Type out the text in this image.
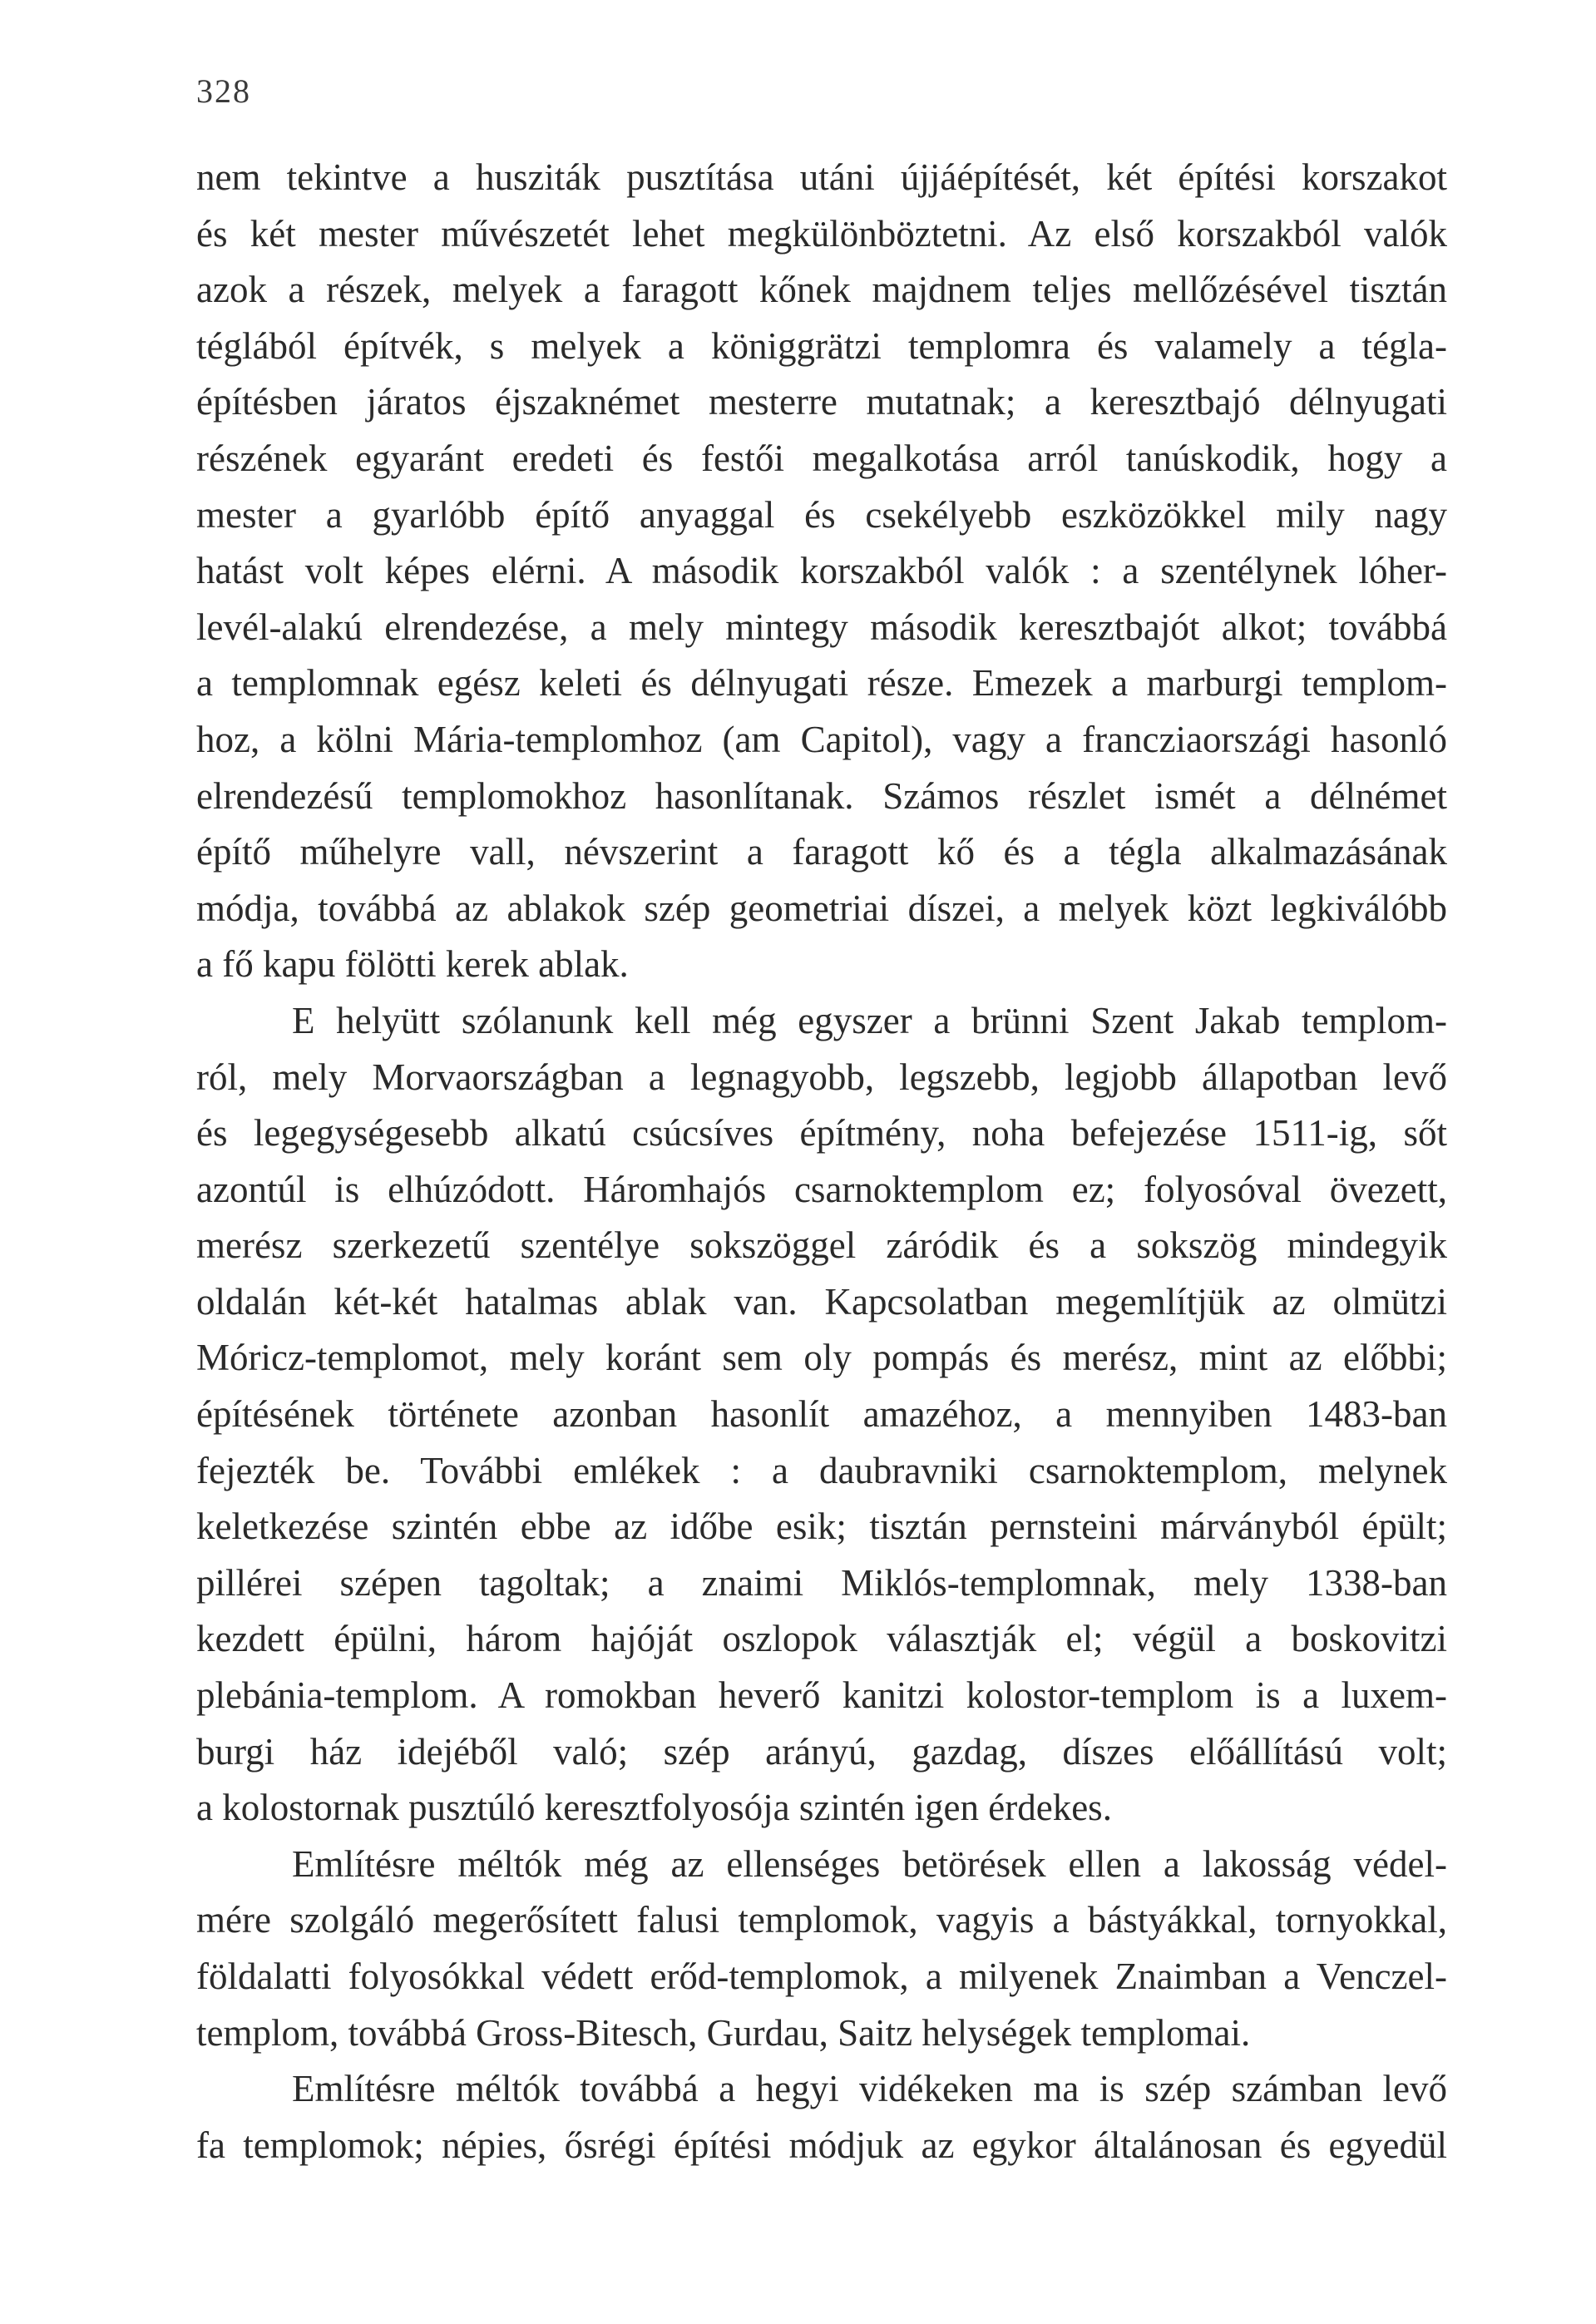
328
nem tekintve a husziták pusztítása utáni újjáépítését, két építési korszakot
és két mester művészetét lehet megkülönböztetni. Az első korszakból valók
azok a részek, melyek a faragott kőnek majdnem teljes mellőzésével tisztán
téglából építvék, s melyek a königgrätzi templomra és valamely a tégla-
építésben járatos éjszaknémet mesterre mutatnak; a keresztbajó délnyugati
részének egyaránt eredeti és festői megalkotása arról tanúskodik, hogy a
mester a gyarlóbb építő anyaggal és csekélyebb eszközökkel mily nagy
hatást volt képes elérni. A második korszakból valók : a szentélynek lóher-
levél-alakú elrendezése, a mely mintegy második keresztbajót alkot; továbbá
a templomnak egész keleti és délnyugati része. Emezek a marburgi templom-
hoz, a kölni Mária-templomhoz (am Capitol), vagy a francziaországi hasonló
elrendezésű templomokhoz hasonlítanak. Számos részlet ismét a délnémet
építő műhelyre vall, névszerint a faragott kő és a tégla alkalmazásának
módja, továbbá az ablakok szép geometriai díszei, a melyek közt legkiválóbb
a fő kapu fölötti kerek ablak.
E helyütt szólanunk kell még egyszer a brünni Szent Jakab templom-
ról, mely Morvaországban a legnagyobb, legszebb, legjobb állapotban levő
és legegységesebb alkatú csúcsíves építmény, noha befejezése 1511-ig, sőt
azontúl is elhúzódott. Háromhajós csarnoktemplom ez; folyosóval övezett,
merész szerkezetű szentélye sokszöggel záródik és a sokszög mindegyik
oldalán két-két hatalmas ablak van. Kapcsolatban megemlítjük az olmützi
Móricz-templomot, mely koránt sem oly pompás és merész, mint az előbbi;
építésének története azonban hasonlít amazéhoz, a mennyiben 1483-ban
fejezték be. További emlékek : a daubravniki csarnoktemplom, melynek
keletkezése szintén ebbe az időbe esik; tisztán pernsteini márványból épült;
pillérei szépen tagoltak; a znaimi Miklós-templomnak, mely 1338-ban
kezdett épülni, három hajóját oszlopok választják el; végül a boskovitzi
plebánia-templom. A romokban heverő kanitzi kolostor-templom is a luxem-
burgi ház idejéből való; szép arányú, gazdag, díszes előállítású volt;
a kolostornak pusztúló keresztfolyosója szintén igen érdekes.
Említésre méltók még az ellenséges betörések ellen a lakosság védel-
mére szolgáló megerősített falusi templomok, vagyis a bástyákkal, tornyokkal,
földalatti folyosókkal védett erőd-templomok, a milyenek Znaimban a Venczel-
templom, továbbá Gross-Bitesch, Gurdau, Saitz helységek templomai.
Említésre méltók továbbá a hegyi vidékeken ma is szép számban levő
fa templomok; népies, ősrégi építési módjuk az egykor általánosan és egyedül
